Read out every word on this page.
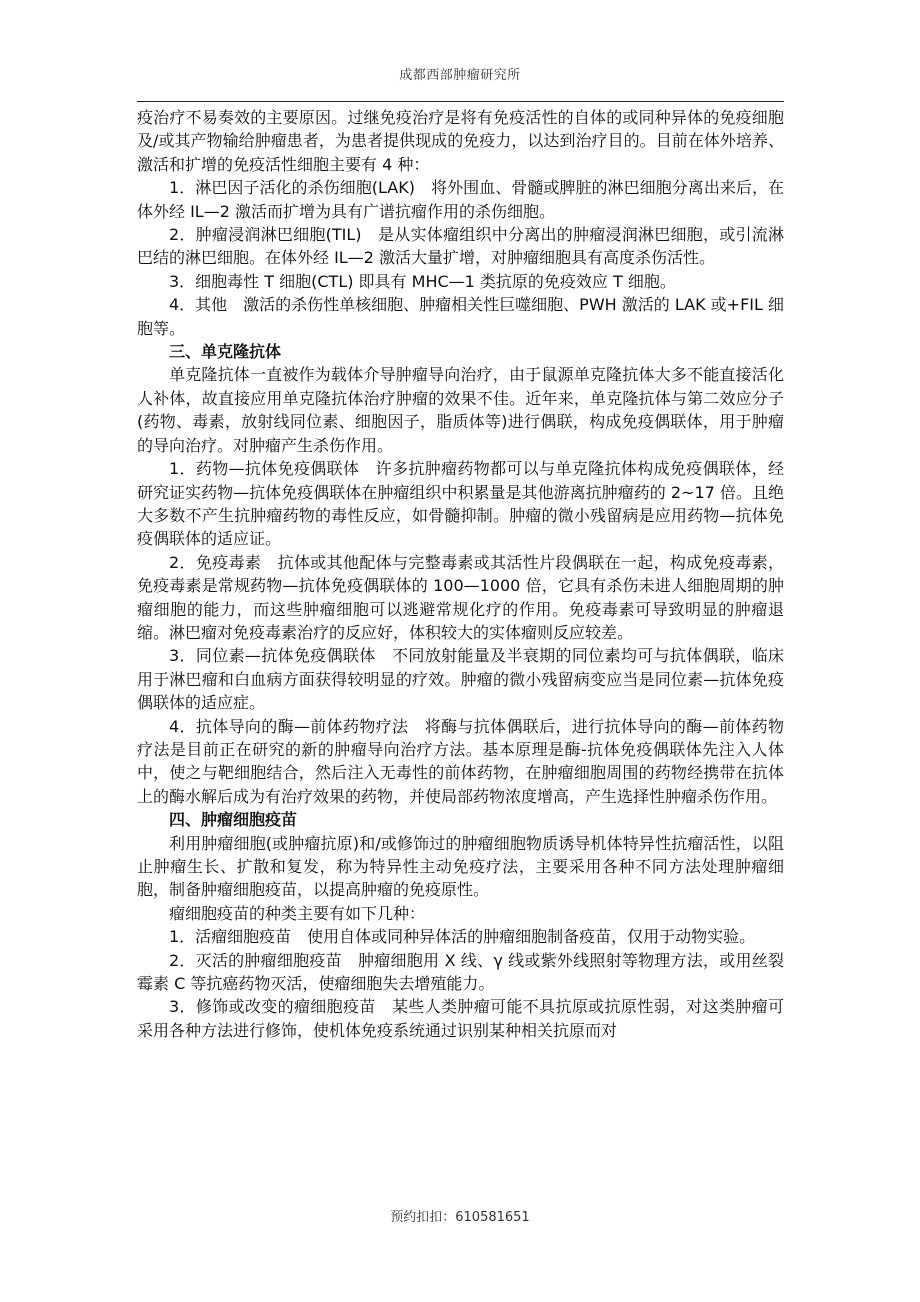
成都西部肿瘤研究所

疫治疗不易奏效的主要原因。过继免疫治疗是将有免疫活性的自体的或同种异体的免疫细胞及/或其产物输给肿瘤患者，为患者提供现成的免疫力，以达到治疗目的。目前在体外培养、激活和扩增的免疫活性细胞主要有 4 种：

1．淋巴因子活化的杀伤细胞(LAK)　将外围血、骨髓或脾脏的淋巴细胞分离出来后，在体外经 IL—2 激活而扩增为具有广谱抗瘤作用的杀伤细胞。

2．肿瘤浸润淋巴细胞(TIL)　是从实体瘤组织中分离出的肿瘤浸润淋巴细胞，或引流淋巴结的淋巴细胞。在体外经 IL—2 激活大量扩增，对肿瘤细胞具有高度杀伤活性。

3．细胞毒性 T 细胞(CTL) 即具有 MHC—1 类抗原的免疫效应 T 细胞。

4．其他　激活的杀伤性单核细胞、肿瘤相关性巨噬细胞、PWH 激活的 LAK 或+FIL 细胞等。

三、单克隆抗体

单克隆抗体一直被作为载体介导肿瘤导向治疗，由于鼠源单克隆抗体大多不能直接活化人补体，故直接应用单克隆抗体治疗肿瘤的效果不佳。近年来，单克隆抗体与第二效应分子(药物、毒素，放射线同位素、细胞因子，脂质体等)进行偶联，构成免疫偶联体，用于肿瘤的导向治疗。对肿瘤产生杀伤作用。

1．药物—抗体免疫偶联体　许多抗肿瘤药物都可以与单克隆抗体构成免疫偶联体，经研究证实药物—抗体免疫偶联体在肿瘤组织中积累量是其他游离抗肿瘤药的 2~17 倍。且绝大多数不产生抗肿瘤药物的毒性反应，如骨髓抑制。肿瘤的微小残留病是应用药物—抗体免疫偶联体的适应证。

2．免疫毒素　抗体或其他配体与完整毒素或其活性片段偶联在一起，构成免疫毒素，免疫毒素是常规药物—抗体免疫偶联体的 100—1000 倍，它具有杀伤未进人细胞周期的肿瘤细胞的能力，而这些肿瘤细胞可以逃避常规化疗的作用。免疫毒素可导致明显的肿瘤退缩。淋巴瘤对免疫毒素治疗的反应好，体积较大的实体瘤则反应较差。

3．同位素—抗体免疫偶联体　不同放射能量及半衰期的同位素均可与抗体偶联，临床用于淋巴瘤和白血病方面获得较明显的疗效。肿瘤的微小残留病变应当是同位素—抗体免疫偶联体的适应症。

4．抗体导向的酶—前体药物疗法　将酶与抗体偶联后，进行抗体导向的酶—前体药物疗法是目前正在研究的新的肿瘤导向治疗方法。基本原理是酶-抗体免疫偶联体先注入人体中，使之与靶细胞结合，然后注入无毒性的前体药物，在肿瘤细胞周围的药物经携带在抗体上的酶水解后成为有治疗效果的药物，并使局部药物浓度增高，产生选择性肿瘤杀伤作用。

四、肿瘤细胞疫苗

利用肿瘤细胞(或肿瘤抗原)和/或修饰过的肿瘤细胞物质诱导机体特异性抗瘤活性，以阻止肿瘤生长、扩散和复发，称为特异性主动免疫疗法，主要采用各种不同方法处理肿瘤细胞，制备肿瘤细胞疫苗，以提高肿瘤的免疫原性。

瘤细胞疫苗的种类主要有如下几种：

1．活瘤细胞疫苗　使用自体或同种异体活的肿瘤细胞制备疫苗，仅用于动物实验。

2．灭活的肿瘤细胞疫苗　肿瘤细胞用 X 线、γ 线或紫外线照射等物理方法，或用丝裂霉素 C 等抗癌药物灭活，使瘤细胞失去增殖能力。

3．修饰或改变的瘤细胞疫苗　某些人类肿瘤可能不具抗原或抗原性弱，对这类肿瘤可采用各种方法进行修饰，使机体免疫系统通过识别某种相关抗原而对

预约扣扣：610581651
